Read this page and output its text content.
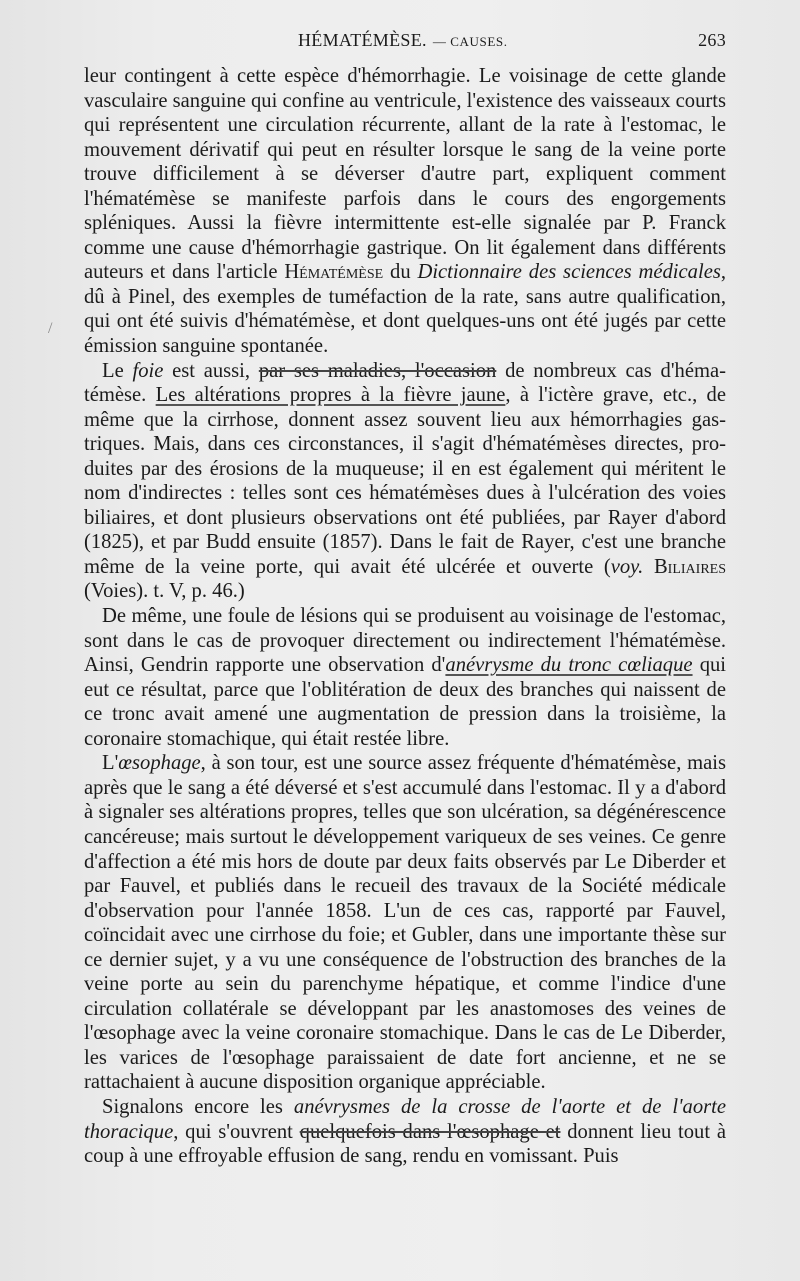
HÉMATÉMÈSE. — CAUSES.	263
/

leur contingent à cette espèce d'hémorrhagie. Le voisinage de cette glande vasculaire sanguine qui confine au ventricule, l'existence des vaisseaux courts qui représentent une circulation récurrente, allant de la rate à l'estomac, le mouvement dérivatif qui peut en résulter lorsque le sang de la veine porte trouve difficilement à se déverser d'autre part, expliquent comment l'hématémèse se manifeste parfois dans le cours des engorgements spléniques. Aussi la fièvre intermittente est-elle signalée par P. Franck comme une cause d'hémorrhagie gastrique. On lit également dans différents auteurs et dans l'article Hématémèse du Dictionnaire des sciences médicales, dû à Pinel, des exemples de tuméfaction de la rate, sans autre qualification, qui ont été suivis d'hématémèse, et dont quelques-uns ont été jugés par cette émission sanguine spontanée.

Le foie est aussi, par ses maladies, l'occasion de nombreux cas d'hématémèse. Les altérations propres à la fièvre jaune, à l'ictère grave, etc., de même que la cirrhose, donnent assez souvent lieu aux hémorrhagies gastriques. Mais, dans ces circonstances, il s'agit d'hématémèses directes, produites par des érosions de la muqueuse; il en est également qui méritent le nom d'indirectes : telles sont ces hématémèses dues à l'ulcération des voies biliaires, et dont plusieurs observations ont été publiées, par Rayer d'abord (1825), et par Budd ensuite (1857). Dans le fait de Rayer, c'est une branche même de la veine porte, qui avait été ulcérée et ouverte (voy. Biliaires (Voies). t. V, p. 46.)

De même, une foule de lésions qui se produisent au voisinage de l'estomac, sont dans le cas de provoquer directement ou indirectement l'hématémèse. Ainsi, Gendrin rapporte une observation d'anévrysme du tronc cœliaque qui eut ce résultat, parce que l'oblitération de deux des branches qui naissent de ce tronc avait amené une augmentation de pression dans la troisième, la coronaire stomachique, qui était restée libre.

L'œsophage, à son tour, est une source assez fréquente d'hématémèse, mais après que le sang a été déversé et s'est accumulé dans l'estomac. Il y a d'abord à signaler ses altérations propres, telles que son ulcération, sa dégénérescence cancéreuse; mais surtout le développement variqueux de ses veines. Ce genre d'affection a été mis hors de doute par deux faits observés par Le Diberder et par Fauvel, et publiés dans le recueil des travaux de la Société médicale d'observation pour l'année 1858. L'un de ces cas, rapporté par Fauvel, coïncidait avec une cirrhose du foie; et Gubler, dans une importante thèse sur ce dernier sujet, y a vu une conséquence de l'obstruction des branches de la veine porte au sein du parenchyme hépatique, et comme l'indice d'une circulation collatérale se développant par les anastomoses des veines de l'œsophage avec la veine coronaire stomachique. Dans le cas de Le Diberder, les varices de l'œsophage paraissaient de date fort ancienne, et ne se rattachaient à aucune disposition organique appréciable.

Signalons encore les anévrysmes de la crosse de l'aorte et de l'aorte thoracique, qui s'ouvrent quelquefois dans l'œsophage et donnent lieu tout à coup à une effroyable effusion de sang, rendu en vomissant. Puis
